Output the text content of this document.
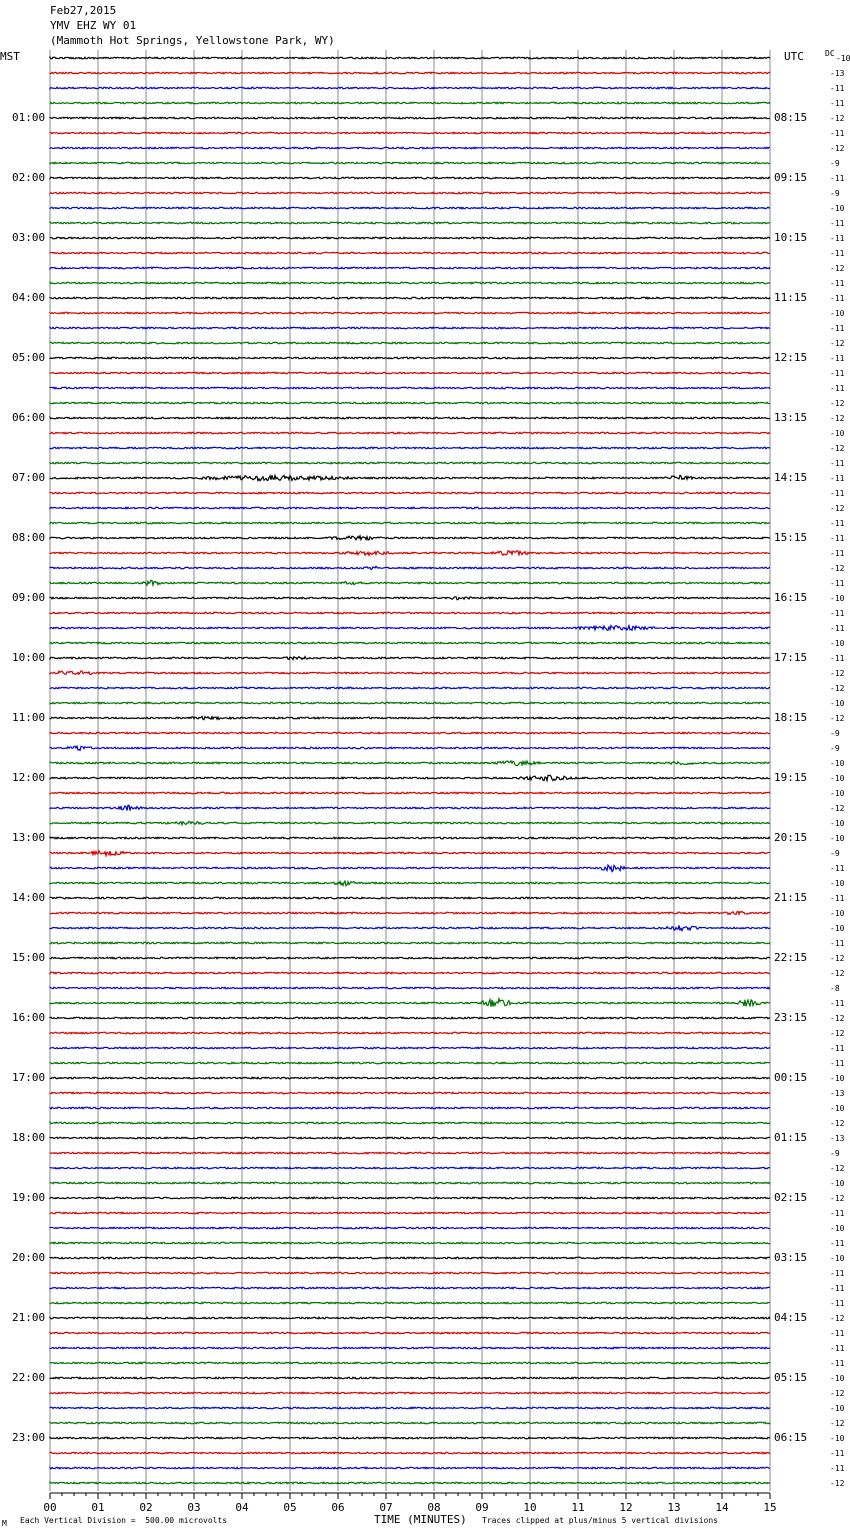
Feb27,2015
YMV EHZ WY 01
(Mammoth Hot Springs, Yellowstone Park, WY)
MST	UTC	DC
01:00
02:00
03:00
04:00
05:00
06:00
07:00
08:00
09:00
10:00
11:00
12:00
13:00
14:00
15:00
16:00
17:00
18:00
19:00
20:00
21:00
22:00
23:00
08:15
09:15
10:15
11:15
12:15
13:15
14:15
15:15
16:15
17:15
18:15
19:15
20:15
21:15
22:15
23:15
00:15
01:15
02:15
03:15
04:15
05:15
06:15
-10
-13
-11
-11
-12
-11
-12
-9
-11
-9
-10
-11
-11
-11
-12
-11
-11
-10
-11
-12
-11
-11
-11
-12
-12
-10
-12
-11
-11
-11
-12
-11
-11
-11
-12
-11
-10
-11
-11
-10
-11
-12
-12
-10
-12
-9
-9
-10
-10
-10
-12
-10
-10
-9
-11
-10
-11
-10
-10
-11
-12
-12
-8
-11
-12
-12
-11
-11
-10
-13
-10
-12
-13
-9
-12
-10
-12
-11
-10
-11
-10
-11
-11
-11
-12
-11
-11
-11
-10
-12
-10
-12
-10
-11
-11
-12
00	01	02	03	04	05	06	07	08	09	10	11	12	13	14	15
M Each Vertical Division =  500.00 microvolts	TIME (MINUTES) Traces clipped at plus/minus 5 vertical divisions
